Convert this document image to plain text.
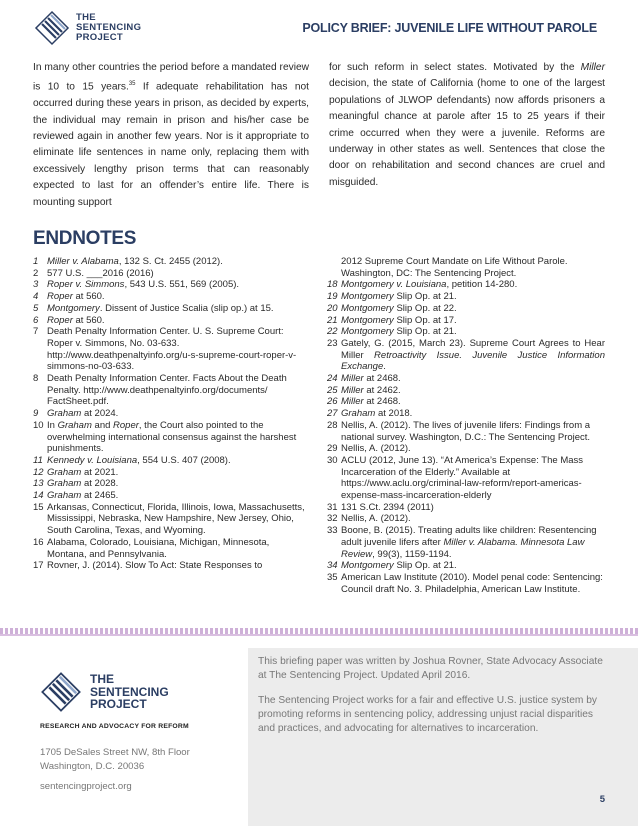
THE
SENTENCING
PROJECT
POLICY BRIEF: JUVENILE LIFE WITHOUT PAROLE
In many other countries the period before a mandated review is 10 to 15 years.$^{35}$ If adequate rehabilitation has not occurred during these years in prison, as decided by experts, the individual may remain in prison and his/her case be reviewed again in another few years. Nor is it appropriate to eliminate life sentences in name only, replacing them with excessively lengthy prison terms that can reasonably expected to last for an offender’s entire life. There is mounting support
for such reform in select states. Motivated by the Miller decision, the state of California (home to one of the largest populations of JLWOP defendants) now affords prisoners a meaningful chance at parole after 15 to 25 years if their crime occurred when they were a juvenile. Reforms are underway in other states as well. Sentences that close the door on rehabilitation and second chances are cruel and misguided.
ENDNOTES
1 Miller v. Alabama, 132 S. Ct. 2455 (2012).
2 577 U.S. ___2016 (2016)
3 Roper v. Simmons, 543 U.S. 551, 569 (2005).
4 Roper at 560.
5 Montgomery. Dissent of Justice Scalia (slip op.) at 15.
6 Roper at 560.
7 Death Penalty Information Center. U. S. Supreme Court: Roper v. Simmons, No. 03-633. http://www.deathpenaltyinfo.org/u-s-supreme-court-roper-v-simmons-no-03-633.
8 Death Penalty Information Center. Facts About the Death Penalty. http://www.deathpenaltyinfo.org/documents/ FactSheet.pdf.
9 Graham at 2024.
10 In Graham and Roper, the Court also pointed to the overwhelming international consensus against the harshest punishments.
11 Kennedy v. Louisiana, 554 U.S. 407 (2008).
12 Graham at 2021.
13 Graham at 2028.
14 Graham at 2465.
15 Arkansas, Connecticut, Florida, Illinois, Iowa, Massachusetts, Mississippi, Nebraska, New Hampshire, New Jersey, Ohio, South Carolina, Texas, and Wyoming.
16 Alabama, Colorado, Louisiana, Michigan, Minnesota, Montana, and Pennsylvania.
17 Rovner, J. (2014). Slow To Act: State Responses to
2012 Supreme Court Mandate on Life Without Parole. Washington, DC: The Sentencing Project.
18 Montgomery v. Louisiana, petition 14-280.
19 Montgomery Slip Op. at 21.
20 Montgomery Slip Op. at 22.
21 Montgomery Slip Op. at 17.
22 Montgomery Slip Op. at 21.
23 Gately, G. (2015, March 23). Supreme Court Agrees to Hear Miller Retroactivity Issue. Juvenile Justice Information Exchange.
24 Miller at 2468.
25 Miller at 2462.
26 Miller at 2468.
27 Graham at 2018.
28 Nellis, A. (2012). The lives of juvenile lifers: Findings from a national survey. Washington, D.C.: The Sentencing Project.
29 Nellis, A. (2012).
30 ACLU (2012, June 13). “At America’s Expense: The Mass Incarceration of the Elderly.” Available at https://www.aclu.org/criminal-law-reform/report-americas-expense-mass-incarceration-elderly
31 131 S.Ct. 2394 (2011)
32 Nellis, A. (2012).
33 Boone, B. (2015). Treating adults like children: Resentencing adult juvenile lifers after Miller v. Alabama. Minnesota Law Review, 99(3), 1159-1194.
34 Montgomery Slip Op. at 21.
35 American Law Institute (2010). Model penal code: Sentencing: Council draft No. 3. Philadelphia, American Law Institute.
THE
SENTENCING
PROJECT
RESEARCH AND ADVOCACY FOR REFORM
1705 DeSales Street NW, 8th Floor
Washington, D.C. 20036
sentencingproject.org

This briefing paper was written by Joshua Rovner, State Advocacy Associate at The Sentencing Project. Updated April 2016.

The Sentencing Project works for a fair and effective U.S. justice system by promoting reforms in sentencing policy, addressing unjust racial disparities and practices, and advocating for alternatives to incarceration.

5
